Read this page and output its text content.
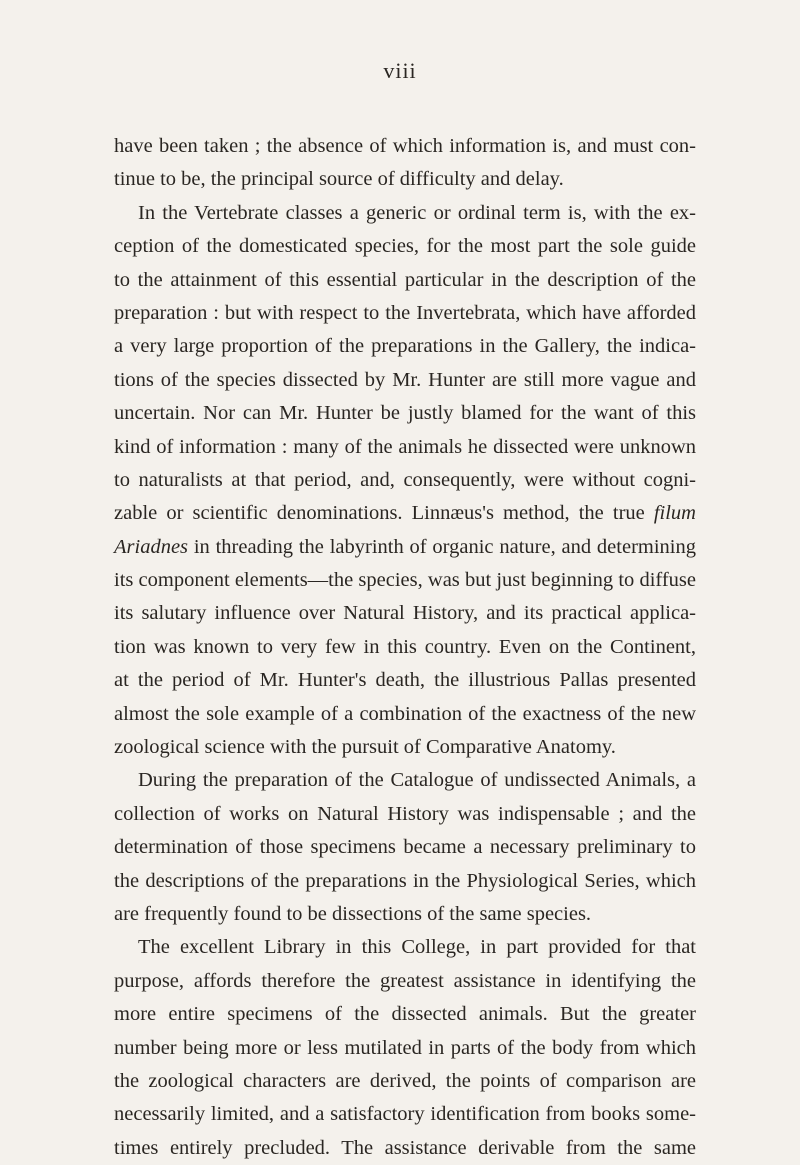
viii
have been taken ; the absence of which information is, and must con-
tinue to be, the principal source of difficulty and delay.
In the Vertebrate classes a generic or ordinal term is, with the ex-
ception of the domesticated species, for the most part the sole guide
to the attainment of this essential particular in the description of the
preparation : but with respect to the Invertebrata, which have afforded
a very large proportion of the preparations in the Gallery, the indica-
tions of the species dissected by Mr. Hunter are still more vague and
uncertain. Nor can Mr. Hunter be justly blamed for the want of this
kind of information : many of the animals he dissected were unknown
to naturalists at that period, and, consequently, were without cogni-
zable or scientific denominations. Linnæus's method, the true filum
Ariadnes in threading the labyrinth of organic nature, and determining
its component elements—the species, was but just beginning to diffuse
its salutary influence over Natural History, and its practical applica-
tion was known to very few in this country. Even on the Continent,
at the period of Mr. Hunter's death, the illustrious Pallas presented
almost the sole example of a combination of the exactness of the new
zoological science with the pursuit of Comparative Anatomy.
During the preparation of the Catalogue of undissected Animals, a
collection of works on Natural History was indispensable ; and the
determination of those specimens became a necessary preliminary to
the descriptions of the preparations in the Physiological Series, which
are frequently found to be dissections of the same species.
The excellent Library in this College, in part provided for that
purpose, affords therefore the greatest assistance in identifying the
more entire specimens of the dissected animals. But the greater
number being more or less mutilated in parts of the body from which
the zoological characters are derived, the points of comparison are
necessarily limited, and a satisfactory identification from books some-
times entirely precluded. The assistance derivable from the same
